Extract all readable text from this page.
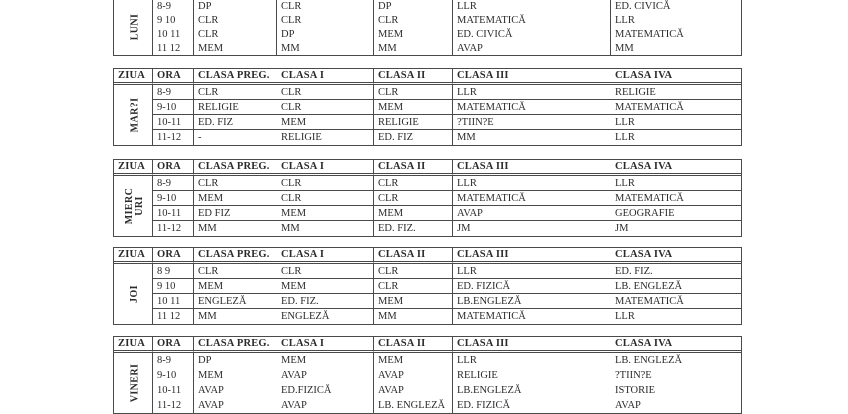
LUNI
8-9	DP	CLR	DP	LLR	ED. CIVICĂ
9 10	CLR	CLR	CLR	MATEMATICĂ	LLR
10 11	CLR	DP	MEM	ED. CIVICĂ	MATEMATICĂ
11 12	MEM	MM	MM	AVAP	MM
ZIUA	ORA	CLASA PREG.	CLASA I	CLASA II	CLASA III	CLASA IVA
MAR?I
8-9	CLR	CLR	CLR	LLR	RELIGIE
9-10	RELIGIE	CLR	MEM	MATEMATICĂ	MATEMATICĂ
10-11	ED. FIZ	MEM	RELIGIE	?TIIN?E	LLR
11-12	-	RELIGIE	ED. FIZ	MM	LLR
ZIUA	ORA	CLASA PREG.	CLASA I	CLASA II	CLASA III	CLASA IVA
MIERC URI
8-9	CLR	CLR	CLR	LLR	LLR
9-10	MEM	CLR	CLR	MATEMATICĂ	MATEMATICĂ
10-11	ED FIZ	MEM	MEM	AVAP	GEOGRAFIE
11-12	MM	MM	ED. FIZ.	JM	JM
ZIUA	ORA	CLASA PREG.	CLASA I	CLASA II	CLASA III	CLASA IVA
JOI
8 9	CLR	CLR	CLR	LLR	ED. FIZ.
9 10	MEM	MEM	CLR	ED. FIZICĂ	LB. ENGLEZĂ
10 11	ENGLEZĂ	ED. FIZ.	MEM	LB.ENGLEZĂ	MATEMATICĂ
11 12	MM	ENGLEZĂ	MM	MATEMATICĂ	LLR
ZIUA	ORA	CLASA PREG.	CLASA I	CLASA II	CLASA III	CLASA IVA
VINERI
8-9	DP	MEM	MEM	LLR	LB. ENGLEZĂ
9-10	MEM	AVAP	AVAP	RELIGIE	?TIIN?E
10-11	AVAP	ED.FIZICĂ	AVAP	LB.ENGLEZĂ	ISTORIE
11-12	AVAP	AVAP	LB. ENGLEZĂ	ED. FIZICĂ	AVAP
